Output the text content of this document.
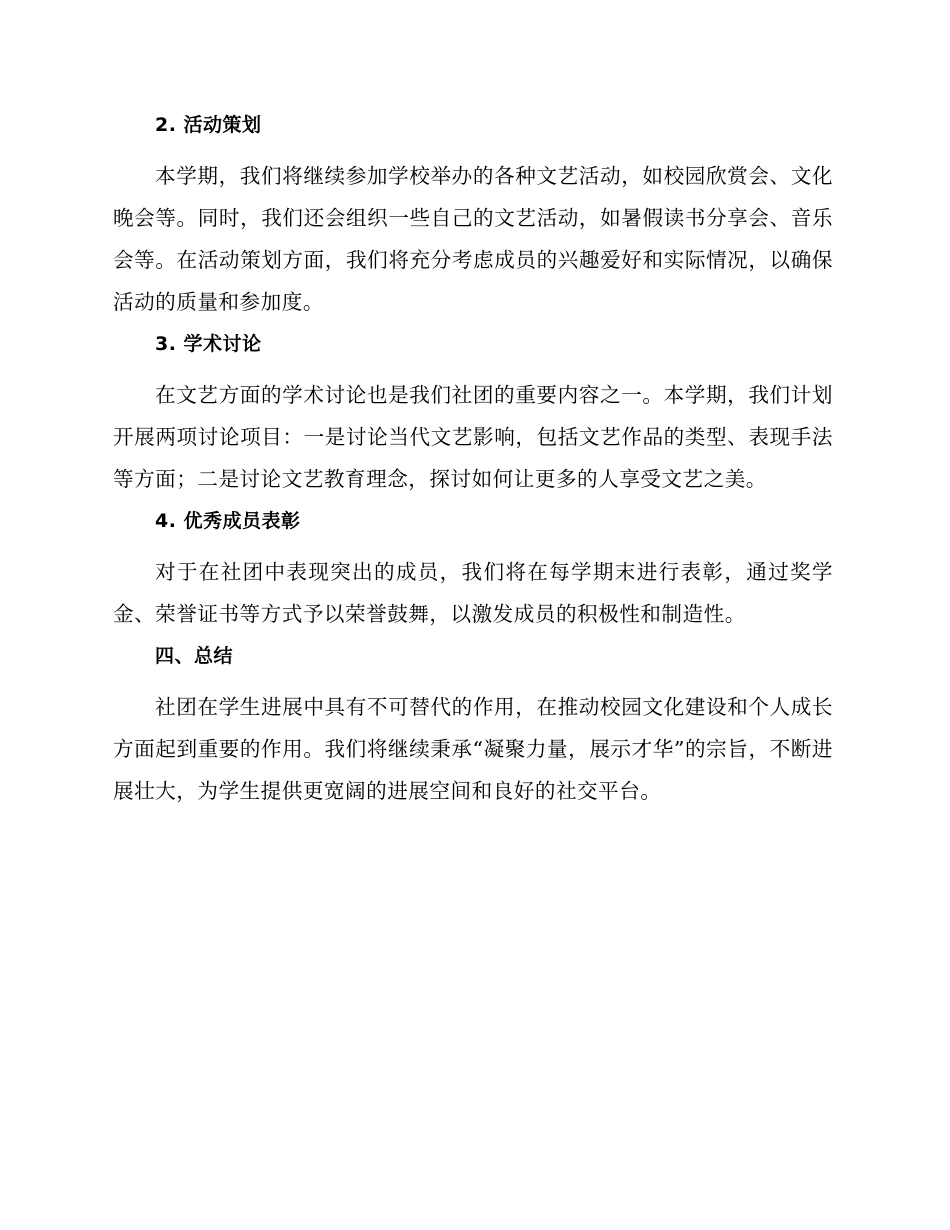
2. 活动策划

本学期，我们将继续参加学校举办的各种文艺活动，如校园欣赏会、文化晚会等。同时，我们还会组织一些自己的文艺活动，如暑假读书分享会、音乐会等。在活动策划方面，我们将充分考虑成员的兴趣爱好和实际情况，以确保活动的质量和参加度。

3. 学术讨论

在文艺方面的学术讨论也是我们社团的重要内容之一。本学期，我们计划开展两项讨论项目：一是讨论当代文艺影响，包括文艺作品的类型、表现手法等方面；二是讨论文艺教育理念，探讨如何让更多的人享受文艺之美。

4. 优秀成员表彰

对于在社团中表现突出的成员，我们将在每学期末进行表彰，通过奖学金、荣誉证书等方式予以荣誉鼓舞，以激发成员的积极性和制造性。

四、总结

社团在学生进展中具有不可替代的作用，在推动校园文化建设和个人成长方面起到重要的作用。我们将继续秉承“凝聚力量，展示才华”的宗旨，不断进展壮大，为学生提供更宽阔的进展空间和良好的社交平台。
